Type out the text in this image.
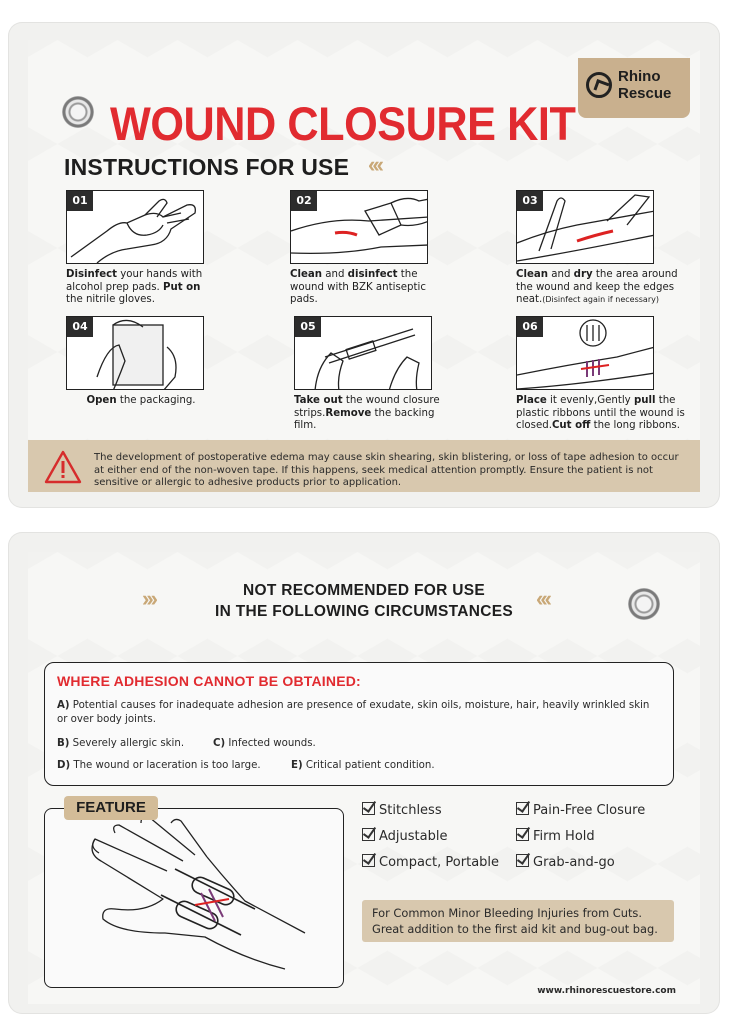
WOUND CLOSURE KIT
Rhino
Rescue
INSTRUCTIONS FOR USE ‹‹‹
01
Disinfect your hands with alcohol prep pads. Put on the nitrile gloves.
02
Clean and disinfect the wound with BZK antiseptic pads.
03
Clean and dry the area around the wound and keep the edges neat.(Disinfect again if necessary)
04
Open the packaging.
05
Take out the wound closure strips.Remove the backing film.
06
Place it evenly,Gently pull the plastic ribbons until the wound is closed.Cut off the long ribbons.
The development of postoperative edema may cause skin shearing, skin blistering, or loss of tape adhesion to occur at either end of the non-woven tape. If this happens, seek medical attention promptly. Ensure the patient is not sensitive or allergic to adhesive products prior to application.
›››	NOT RECOMMENDED FOR USE
IN THE FOLLOWING CIRCUMSTANCES
‹‹‹
WHERE ADHESION CANNOT BE OBTAINED:
A) Potential causes for inadequate adhesion are presence of exudate, skin oils, moisture, hair, heavily wrinkled skin or over body joints.
B) Severely allergic skin.	C) Infected wounds.
D) The wound or laceration is too large.	E) Critical patient condition.
FEATURE	Stitchless	Pain-Free Closure
Adjustable	Firm Hold
Compact, Portable	Grab-and-go
For Common Minor Bleeding Injuries from Cuts. Great addition to the first aid kit and bug-out bag.
www.rhinorescuestore.com
